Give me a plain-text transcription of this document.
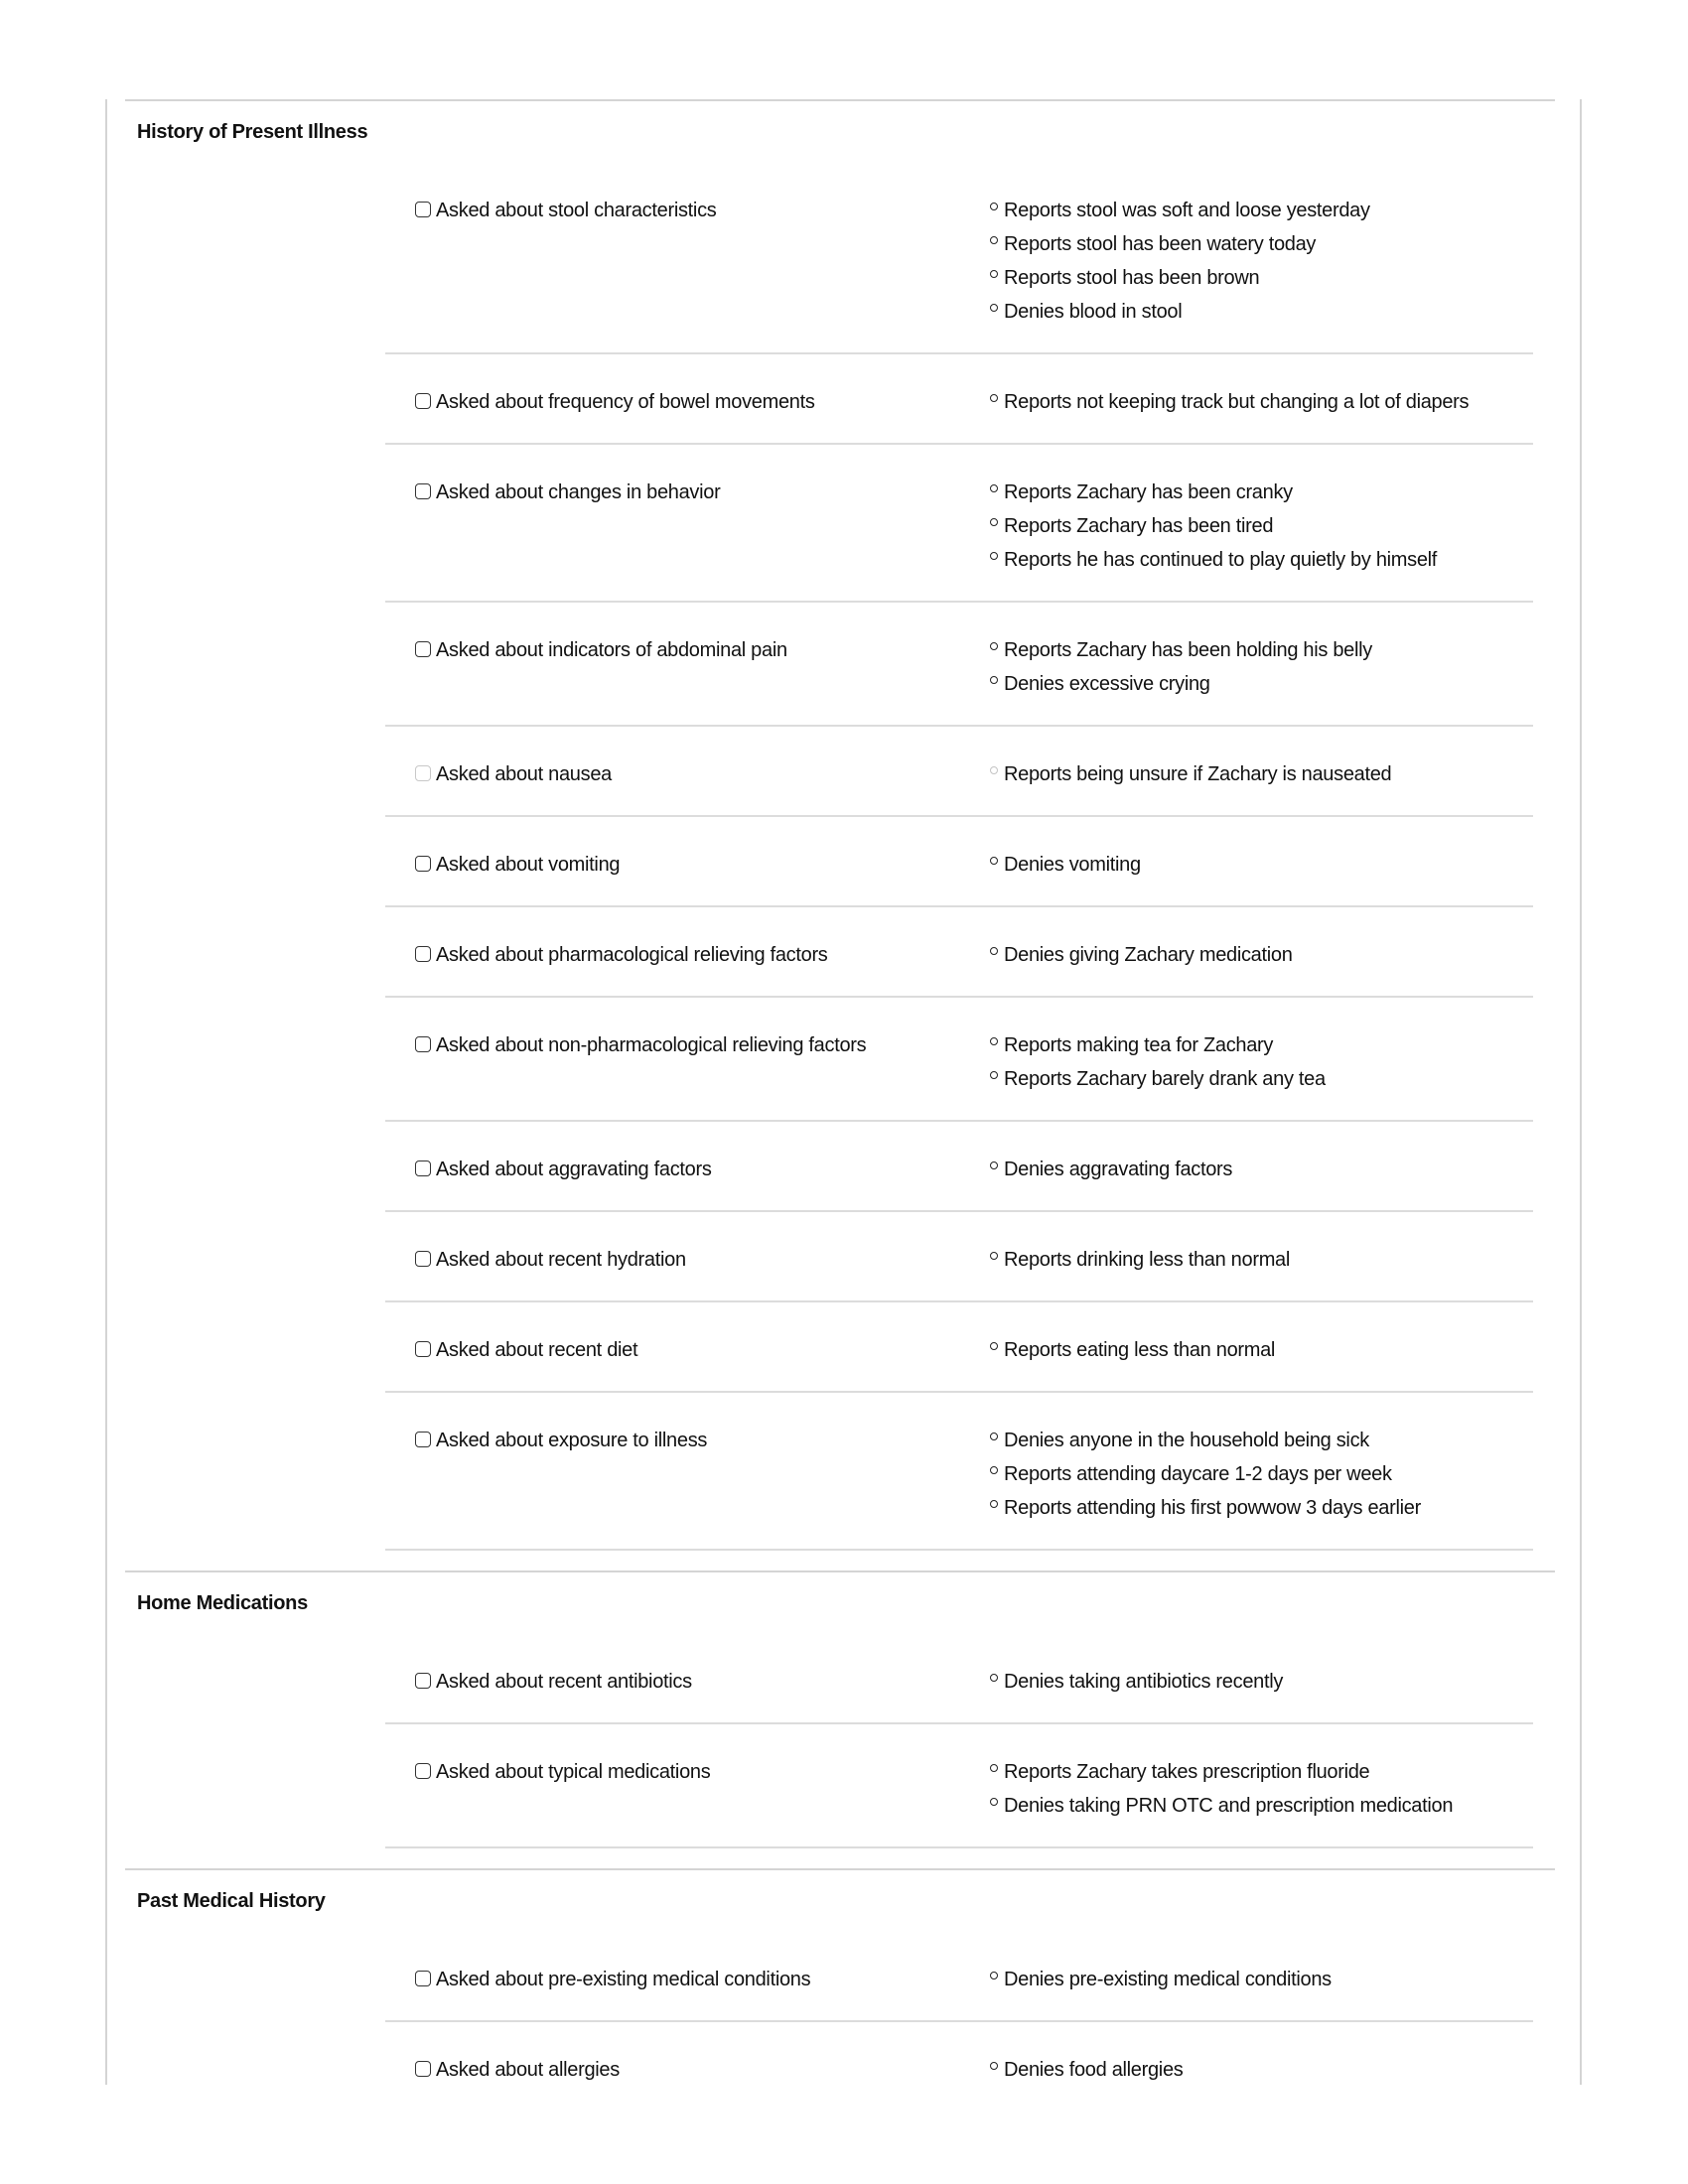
History of Present Illness
Asked about stool characteristics	Reports stool was soft and loose yesterday
Reports stool has been watery today
Reports stool has been brown
Denies blood in stool
Asked about frequency of bowel movements	Reports not keeping track but changing a lot of diapers
Asked about changes in behavior	Reports Zachary has been cranky
Reports Zachary has been tired
Reports he has continued to play quietly by himself
Asked about indicators of abdominal pain	Reports Zachary has been holding his belly
Denies excessive crying
Asked about nausea	Reports being unsure if Zachary is nauseated
Asked about vomiting	Denies vomiting
Asked about pharmacological relieving factors	Denies giving Zachary medication
Asked about non-pharmacological relieving factors	Reports making tea for Zachary
Reports Zachary barely drank any tea
Asked about aggravating factors	Denies aggravating factors
Asked about recent hydration	Reports drinking less than normal
Asked about recent diet	Reports eating less than normal
Asked about exposure to illness	Denies anyone in the household being sick
Reports attending daycare 1-2 days per week
Reports attending his first powwow 3 days earlier
Home Medications
Asked about recent antibiotics	Denies taking antibiotics recently
Asked about typical medications	Reports Zachary takes prescription fluoride
Denies taking PRN OTC and prescription medication
Past Medical History
Asked about pre-existing medical conditions	Denies pre-existing medical conditions
Asked about allergies	Denies food allergies
